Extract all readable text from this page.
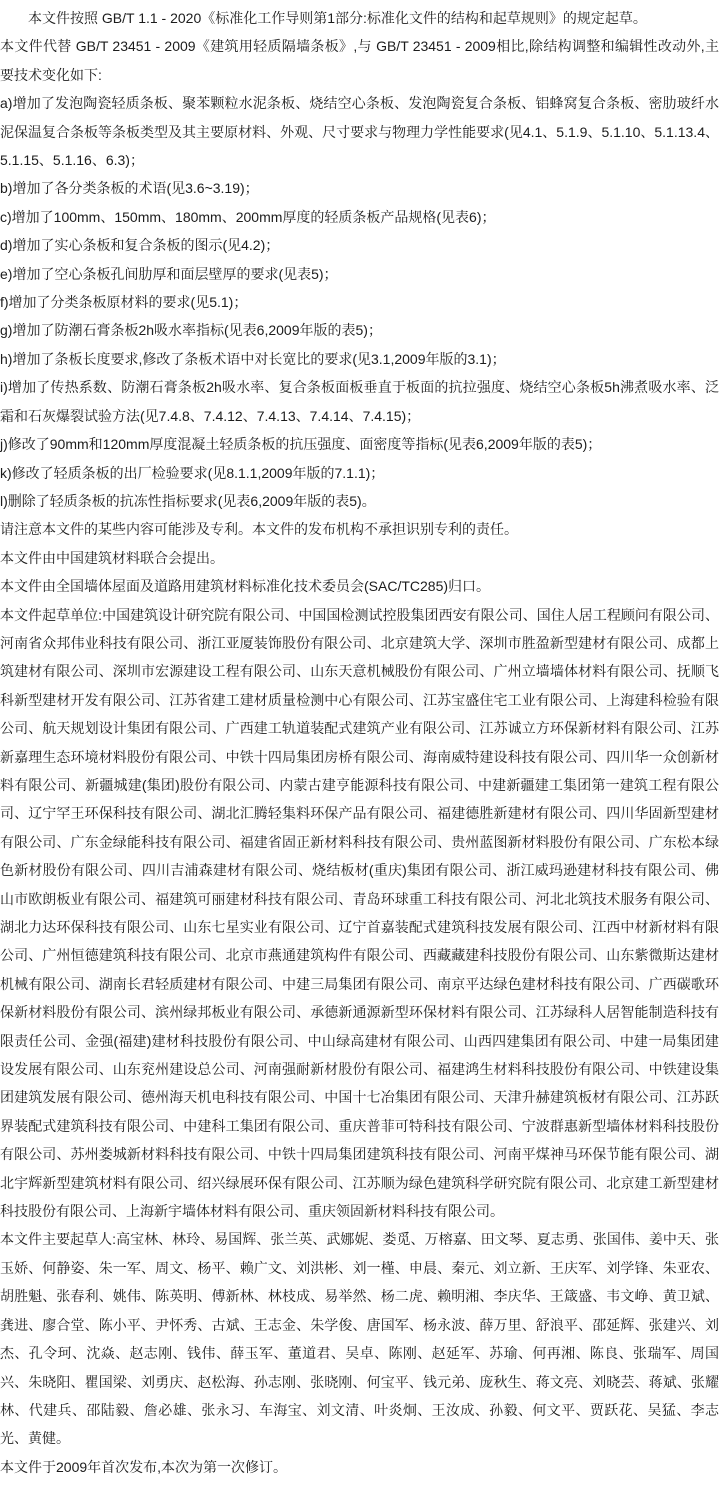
本文件按照 GB/T 1.1 - 2020《标准化工作导则第1部分:标准化文件的结构和起草规则》的规定起草。

本文件代替 GB/T 23451 - 2009《建筑用轻质隔墙条板》,与 GB/T 23451 - 2009相比,除结构调整和编辑性改动外,主要技术变化如下:

a)增加了发泡陶瓷轻质条板、聚苯颗粒水泥条板、烧结空心条板、发泡陶瓷复合条板、铝蜂窝复合条板、密肋玻纤水泥保温复合条板等条板类型及其主要原材料、外观、尺寸要求与物理力学性能要求(见4.1、5.1.9、5.1.10、5.1.13.4、5.1.15、5.1.16、6.3)；

b)增加了各分类条板的术语(见3.6~3.19)；

c)增加了100mm、150mm、180mm、200mm厚度的轻质条板产品规格(见表6)；

d)增加了实心条板和复合条板的图示(见4.2)；

e)增加了空心条板孔间肋厚和面层壁厚的要求(见表5)；

f)增加了分类条板原材料的要求(见5.1)；

g)增加了防潮石膏条板2h吸水率指标(见表6,2009年版的表5)；

h)增加了条板长度要求,修改了条板术语中对长宽比的要求(见3.1,2009年版的3.1)；

i)增加了传热系数、防潮石膏条板2h吸水率、复合条板面板垂直于板面的抗拉强度、烧结空心条板5h沸煮吸水率、泛霜和石灰爆裂试验方法(见7.4.8、7.4.12、7.4.13、7.4.14、7.4.15)；

j)修改了90mm和120mm厚度混凝土轻质条板的抗压强度、面密度等指标(见表6,2009年版的表5)；

k)修改了轻质条板的出厂检验要求(见8.1.1,2009年版的7.1.1)；

l)删除了轻质条板的抗冻性指标要求(见表6,2009年版的表5)。

请注意本文件的某些内容可能涉及专利。本文件的发布机构不承担识别专利的责任。

本文件由中国建筑材料联合会提出。

本文件由全国墙体屋面及道路用建筑材料标准化技术委员会(SAC/TC285)归口。

本文件起草单位:中国建筑设计研究院有限公司、中国国检测试控股集团西安有限公司、国住人居工程顾问有限公司、河南省众邦伟业科技有限公司、浙江亚厦装饰股份有限公司、北京建筑大学、深圳市胜盈新型建材有限公司、成都上筑建材有限公司、深圳市宏源建设工程有限公司、山东天意机械股份有限公司、广州立墙墙体材料有限公司、抚顺飞科新型建材开发有限公司、江苏省建工建材质量检测中心有限公司、江苏宝盛住宅工业有限公司、上海建科检验有限公司、航天规划设计集团有限公司、广西建工轨道装配式建筑产业有限公司、江苏诚立方环保新材料有限公司、江苏新嘉理生态环境材料股份有限公司、中铁十四局集团房桥有限公司、海南威特建设科技有限公司、四川华一众创新材料有限公司、新疆城建(集团)股份有限公司、内蒙古建亨能源科技有限公司、中建新疆建工集团第一建筑工程有限公司、辽宁罕王环保科技有限公司、湖北汇腾轻集料环保产品有限公司、福建德胜新建材有限公司、四川华固新型建材有限公司、广东金绿能科技有限公司、福建省固正新材料科技有限公司、贵州蓝图新材料股份有限公司、广东松本绿色新材股份有限公司、四川吉浦森建材有限公司、烧结板材(重庆)集团有限公司、浙江威玛逊建材科技有限公司、佛山市欧朗板业有限公司、福建筑可丽建材科技有限公司、青岛环球重工科技有限公司、河北北筑技术服务有限公司、湖北力达环保科技有限公司、山东七星实业有限公司、辽宁首嘉装配式建筑科技发展有限公司、江西中材新材料有限公司、广州恒德建筑科技有限公司、北京市燕通建筑构件有限公司、西藏藏建科技股份有限公司、山东紫微斯达建材机械有限公司、湖南长君轻质建材有限公司、中建三局集团有限公司、南京平达绿色建材科技有限公司、广西碳歌环保新材料股份有限公司、滨州绿邦板业有限公司、承德新通源新型环保材料有限公司、江苏绿科人居智能制造科技有限责任公司、金强(福建)建材科技股份有限公司、中山绿高建材有限公司、山西四建集团有限公司、中建一局集团建设发展有限公司、山东兖州建设总公司、河南强耐新材股份有限公司、福建鸿生材料科技股份有限公司、中铁建设集团建筑发展有限公司、德州海天机电科技有限公司、中国十七冶集团有限公司、天津升赫建筑板材有限公司、江苏跃界装配式建筑科技有限公司、中建科工集团有限公司、重庆普菲可特科技有限公司、宁波群惠新型墙体材料科技股份有限公司、苏州娄城新材料科技有限公司、中铁十四局集团建筑科技有限公司、河南平煤神马环保节能有限公司、湖北宇辉新型建筑材料有限公司、绍兴绿展环保有限公司、江苏顺为绿色建筑科学研究院有限公司、北京建工新型建材科技股份有限公司、上海新宇墙体材料有限公司、重庆领固新材料科技有限公司。

本文件主要起草人:高宝林、林玲、易国辉、张兰英、武娜妮、娄觅、万榕嘉、田文琴、夏志勇、张国伟、姜中天、张玉娇、何静姿、朱一军、周文、杨平、赖广文、刘洪彬、刘一槿、申晨、秦元、刘立新、王庆军、刘学锋、朱亚农、胡胜魁、张春利、姚伟、陈英明、傅新林、林枝成、易举然、杨二虎、赖明湘、李庆华、王箴盛、韦文峥、黄卫斌、龚进、廖合堂、陈小平、尹怀秀、古斌、王志金、朱学俊、唐国军、杨永波、薛万里、舒浪平、邵延辉、张建兴、刘杰、孔令珂、沈焱、赵志刚、钱伟、薛玉军、董道君、吴卓、陈刚、赵延军、苏瑜、何再湘、陈良、张瑞军、周国兴、朱晓阳、瞿国梁、刘勇庆、赵松海、孙志刚、张晓刚、何宝平、钱元弟、庞秋生、蒋文亮、刘晓芸、蒋斌、张耀林、代建兵、邵陆毅、詹必雄、张永习、车海宝、刘文清、叶炎炯、王汝成、孙毅、何文平、贾跃花、吴猛、李志光、黄健。

本文件于2009年首次发布,本次为第一次修订。
